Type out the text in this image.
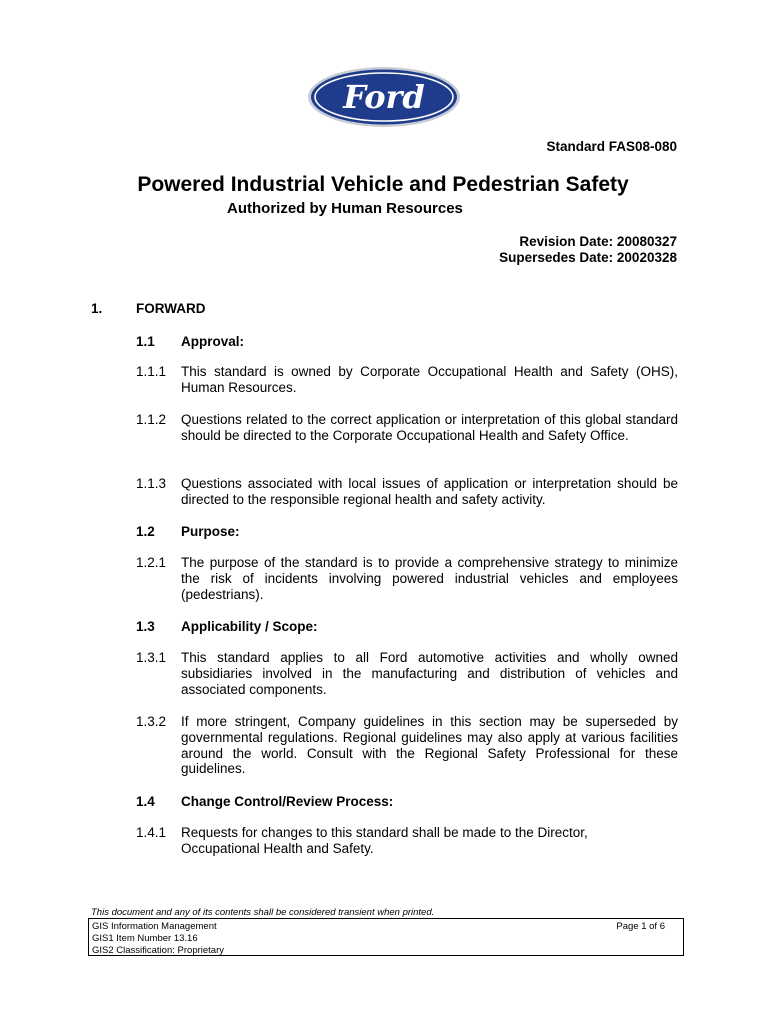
Ford
Standard FAS08-080
Powered Industrial Vehicle and Pedestrian Safety
Authorized by Human Resources
Revision Date: 20080327
Supersedes Date: 20020328
1. FORWARD
1.1 Approval:
1.1.1 This standard is owned by Corporate Occupational Health and Safety (OHS), Human Resources.
1.1.2 Questions related to the correct application or interpretation of this global standard should be directed to the Corporate Occupational Health and Safety Office.
1.1.3 Questions associated with local issues of application or interpretation should be directed to the responsible regional health and safety activity.
1.2 Purpose:
1.2.1 The purpose of the standard is to provide a comprehensive strategy to minimize the risk of incidents involving powered industrial vehicles and employees (pedestrians).
1.3 Applicability / Scope:
1.3.1 This standard applies to all Ford automotive activities and wholly owned subsidiaries involved in the manufacturing and distribution of vehicles and associated components.
1.3.2 If more stringent, Company guidelines in this section may be superseded by governmental regulations. Regional guidelines may also apply at various facilities around the world. Consult with the Regional Safety Professional for these guidelines.
1.4 Change Control/Review Process:
1.4.1 Requests for changes to this standard shall be made to the Director, Occupational Health and Safety.
This document and any of its contents shall be considered transient when printed.
GIS Information Management
GIS1 Item Number 13.16
GIS2 Classification: Proprietary
Page 1 of 6
